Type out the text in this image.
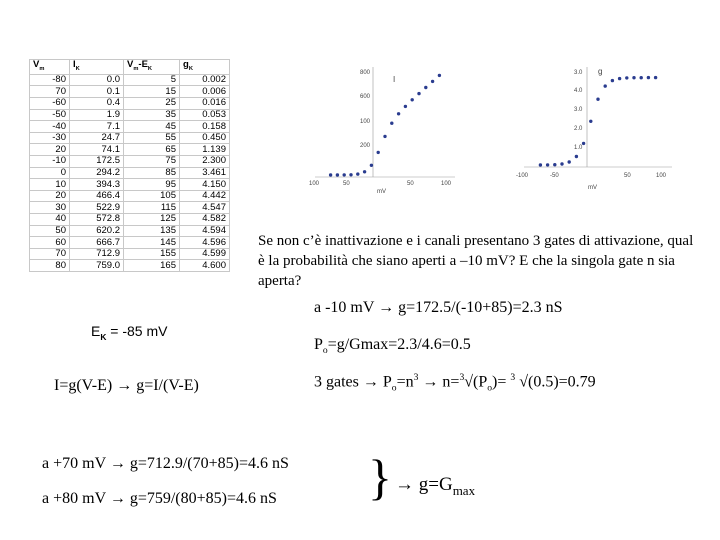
$V_m$	$I_K$	$V_m-E_K$	$g_K$
-80	0.0	5	0.002
70	0.1	15	0.006
-60	0.4	25	0.016
-50	1.9	35	0.053
-40	7.1	45	0.158
-30	24.7	55	0.450
20	74.1	65	1.139
-10	172.5	75	2.300
0	294.2	85	3.461
10	394.3	95	4.150
20	466.4	105	4.442
30	522.9	115	4.547
40	572.8	125	4.582
50	620.2	135	4.594
60	666.7	145	4.596
70	712.9	155	4.599
80	759.0	165	4.600
800
600
100
200
I
100	50	50	100
mV
3.0
4.0
3.0
2.0
1.0
g
-100	-50	50	100
mV
Se non c’è inattivazione e i canali presentano 3 gates di attivazione, qual è la probabilità che siano aperti a –10 mV? E che la singola gate n sia aperta?
a -10 mV → g=172.5/(-10+85)=2.3 nS
$E_K = -85$ mV
$P_o=g/Gmax=2.3/4.6=0.5$
I=g(V-E) → g=I/(V-E)	3 gates → $P_o=n^3 \to n=^3√(P_o)= ^3$ √(0.5)=0.79
a +70 mV → g=712.9/(70+85)=4.6 nS
a +80 mV → g=759/(80+85)=4.6 nS } → $g=G_{max}$
